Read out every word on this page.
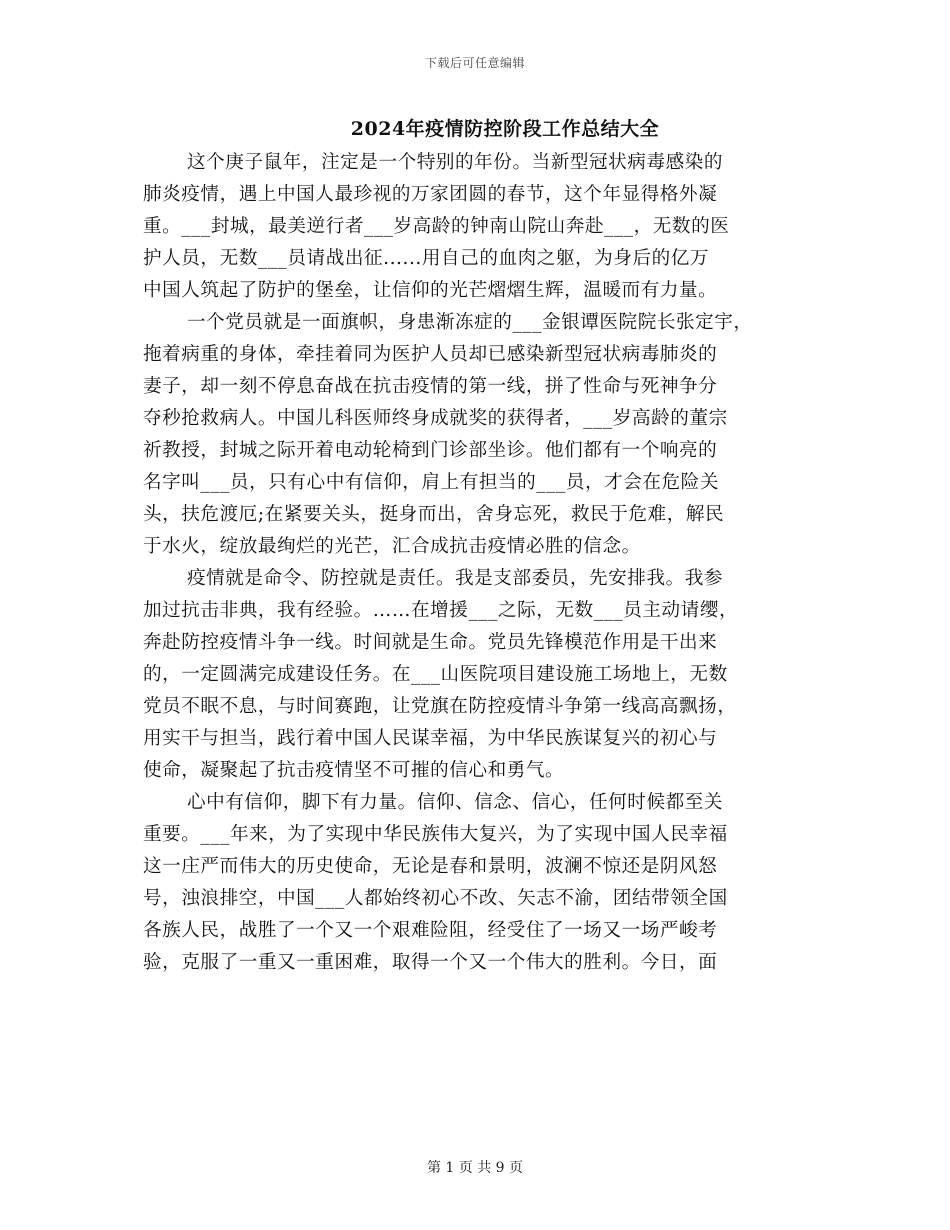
下载后可任意编辑
2024年疫情防控阶段工作总结大全
这个庚子鼠年，注定是一个特别的年份。当新型冠状病毒感染的
肺炎疫情，遇上中国人最珍视的万家团圆的春节，这个年显得格外凝
重。___封城，最美逆行者___岁高龄的钟南山院山奔赴___，无数的医
护人员，无数___员请战出征......用自己的血肉之躯，为身后的亿万
中国人筑起了防护的堡垒，让信仰的光芒熠熠生辉，温暖而有力量。
一个党员就是一面旗帜，身患渐冻症的___金银谭医院院长张定宇，
拖着病重的身体，牵挂着同为医护人员却已感染新型冠状病毒肺炎的
妻子，却一刻不停息奋战在抗击疫情的第一线，拼了性命与死神争分
夺秒抢救病人。中国儿科医师终身成就奖的获得者，___岁高龄的董宗
祈教授，封城之际开着电动轮椅到门诊部坐诊。他们都有一个响亮的
名字叫___员，只有心中有信仰，肩上有担当的___员，才会在危险关
头，扶危渡厄;在紧要关头，挺身而出，舍身忘死，救民于危难，解民
于水火，绽放最绚烂的光芒，汇合成抗击疫情必胜的信念。
疫情就是命令、防控就是责任。我是支部委员，先安排我。我参
加过抗击非典，我有经验。……在增援___之际，无数___员主动请缨，
奔赴防控疫情斗争一线。时间就是生命。党员先锋模范作用是干出来
的，一定圆满完成建设任务。在___山医院项目建设施工场地上，无数
党员不眠不息，与时间赛跑，让党旗在防控疫情斗争第一线高高飘扬，
用实干与担当，践行着中国人民谋幸福，为中华民族谋复兴的初心与
使命，凝聚起了抗击疫情坚不可摧的信心和勇气。
心中有信仰，脚下有力量。信仰、信念、信心，任何时候都至关
重要。___年来，为了实现中华民族伟大复兴，为了实现中国人民幸福
这一庄严而伟大的历史使命，无论是春和景明，波澜不惊还是阴风怒
号，浊浪排空，中国___人都始终初心不改、矢志不渝，团结带领全国
各族人民，战胜了一个又一个艰难险阻，经受住了一场又一场严峻考
验，克服了一重又一重困难，取得一个又一个伟大的胜利。今日，面
第 1 页 共 9 页
